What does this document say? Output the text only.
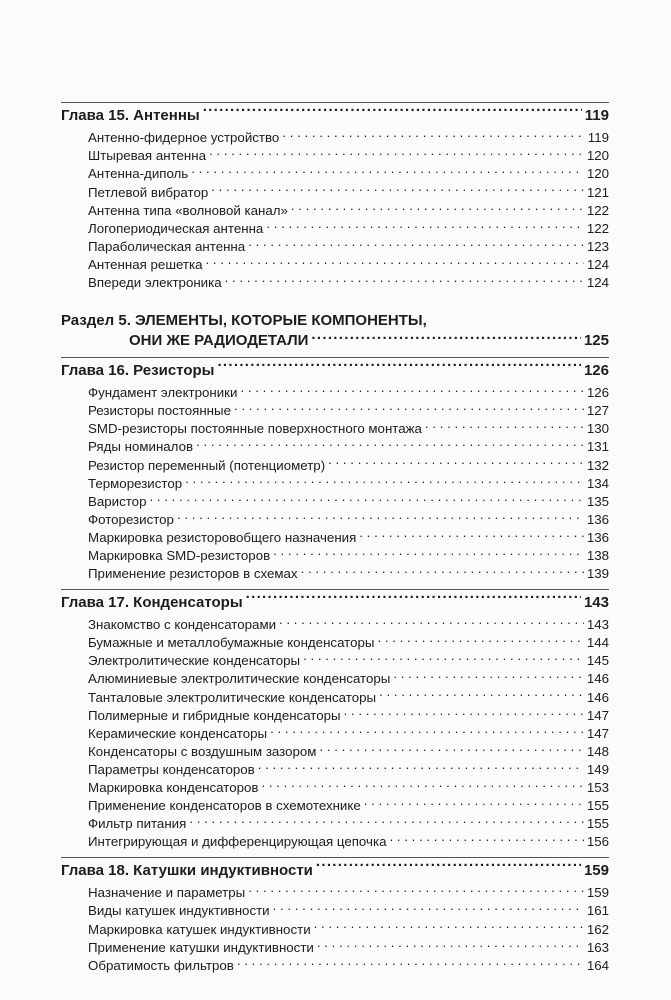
Глава 15. Антенны .....	119
Антенно-фидерное устройство . . .	119
Штыревая антенна . . .	120
Антенна-диполь . . .	120
Петлевой вибратор . . .	121
Антенна типа «волновой канал» . . .	122
Логопериодическая антенна . . .	122
Параболическая антенна . . .	123
Антенная решетка . . .	124
Впереди электроника . . .	124
Раздел 5. ЭЛЕМЕНТЫ, КОТОРЫЕ КОМПОНЕНТЫ,
ОНИ ЖЕ РАДИОДЕТАЛИ .....	125
Глава 16. Резисторы .....	126
Фундамент электроники . . .	126
Резисторы постоянные . . .	127
SMD-резисторы постоянные поверхностного монтажа . . .	130
Ряды номиналов . . .	131
Резистор переменный (потенциометр) . . .	132
Терморезистор . . .	134
Варистор . . .	135
Фоторезистор . . .	136
Маркировка резисторовобщего назначения . . .	136
Маркировка SMD-резисторов . . .	138
Применение резисторов в схемах . . .	139
Глава 17. Конденсаторы .....	143
Знакомство с конденсаторами . . .	143
Бумажные и металлобумажные конденсаторы . . .	144
Электролитические конденсаторы . . .	145
Алюминиевые электролитические конденсаторы . . .	146
Танталовые электролитические конденсаторы . . .	146
Полимерные и гибридные конденсаторы . . .	147
Керамические конденсаторы . . .	147
Конденсаторы с воздушным зазором . . .	148
Параметры конденсаторов . . .	149
Маркировка конденсаторов . . .	153
Применение конденсаторов в схемотехнике . . .	155
Фильтр питания . . .	155
Интегрирующая и дифференцирующая цепочка . . .	156
Глава 18. Катушки индуктивности .....	159
Назначение и параметры . . .	159
Виды катушек индуктивности . . .	161
Маркировка катушек индуктивности . . .	162
Применение катушки индуктивности . . .	163
Обратимость фильтров . . .	164
